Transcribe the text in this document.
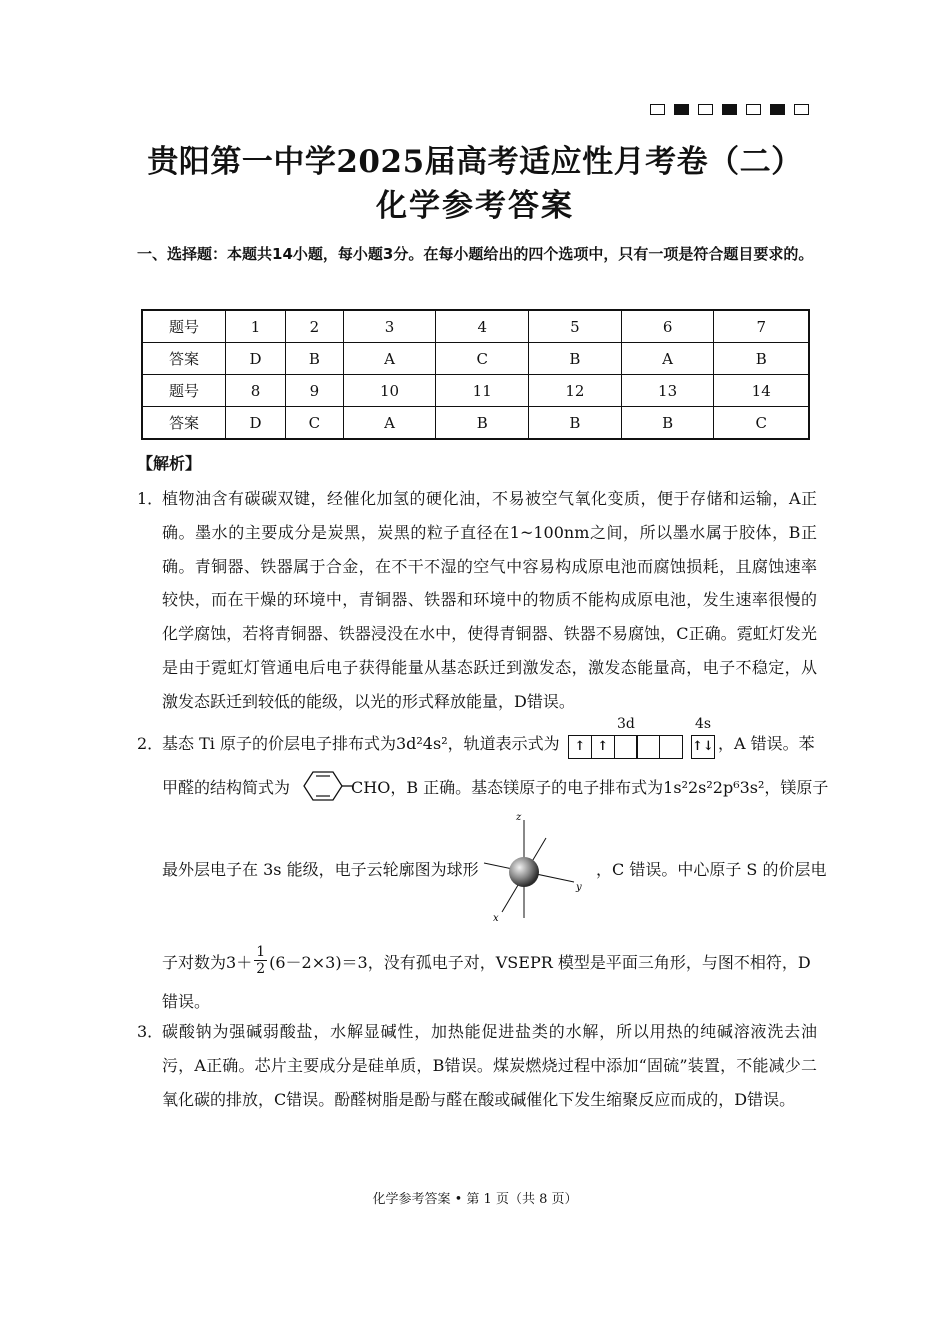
贵阳第一中学2025届高考适应性月考卷（二）
化学参考答案
一、选择题：本题共14小题，每小题3分。在每小题给出的四个选项中，只有一项是符合题目要求的。
题号	1	2	3	4	5	6	7
答案	D	B	A	C	B	A	B
题号	8	9	10	11	12	13	14
答案	D	C	A	B	B	B	C
【解析】
1．
植物油含有碳碳双键，经催化加氢的硬化油，不易被空气氧化变质，便于存储和运输，A正确。墨水的主要成分是炭黑，炭黑的粒子直径在1~100nm之间，所以墨水属于胶体，B正确。青铜器、铁器属于合金，在不干不湿的空气中容易构成原电池而腐蚀损耗，且腐蚀速率较快，而在干燥的环境中，青铜器、铁器和环境中的物质不能构成原电池，发生速率很慢的化学腐蚀，若将青铜器、铁器浸没在水中，使得青铜器、铁器不易腐蚀，C正确。霓虹灯发光是由于霓虹灯管通电后电子获得能量从基态跃迁到激发态，激发态能量高，电子不稳定，从激发态跃迁到较低的能级，以光的形式释放能量，D错误。
2．
基态 Ti 原子的价层电子排布式为3d²4s²，轨道表示式为
3d	4s
↑ ↑	↑↓ ，A 错误。苯
甲醛的结构简式为	CHO，B 正确。基态镁原子的电子排布式为1s²2s²2p⁶3s²，镁原子
最外层电子在 3s 能级，电子云轮廓图为球形
z
y
x
，C 错误。中心原子 S 的价层电
子对数为 $3+ \frac{1}{2} (6-2\times 3)=3$ ，没有孤电子对，VSEPR 模型是平面三角形，与图不相符，D
错误。
3．
碳酸钠为强碱弱酸盐，水解显碱性，加热能促进盐类的水解，所以用热的纯碱溶液洗去油污，A正确。芯片主要成分是硅单质，B错误。煤炭燃烧过程中添加“固硫”装置，不能减少二氧化碳的排放，C错误。酚醛树脂是酚与醛在酸或碱催化下发生缩聚反应而成的，D错误。
化学参考答案 • 第 1 页（共 8 页）
